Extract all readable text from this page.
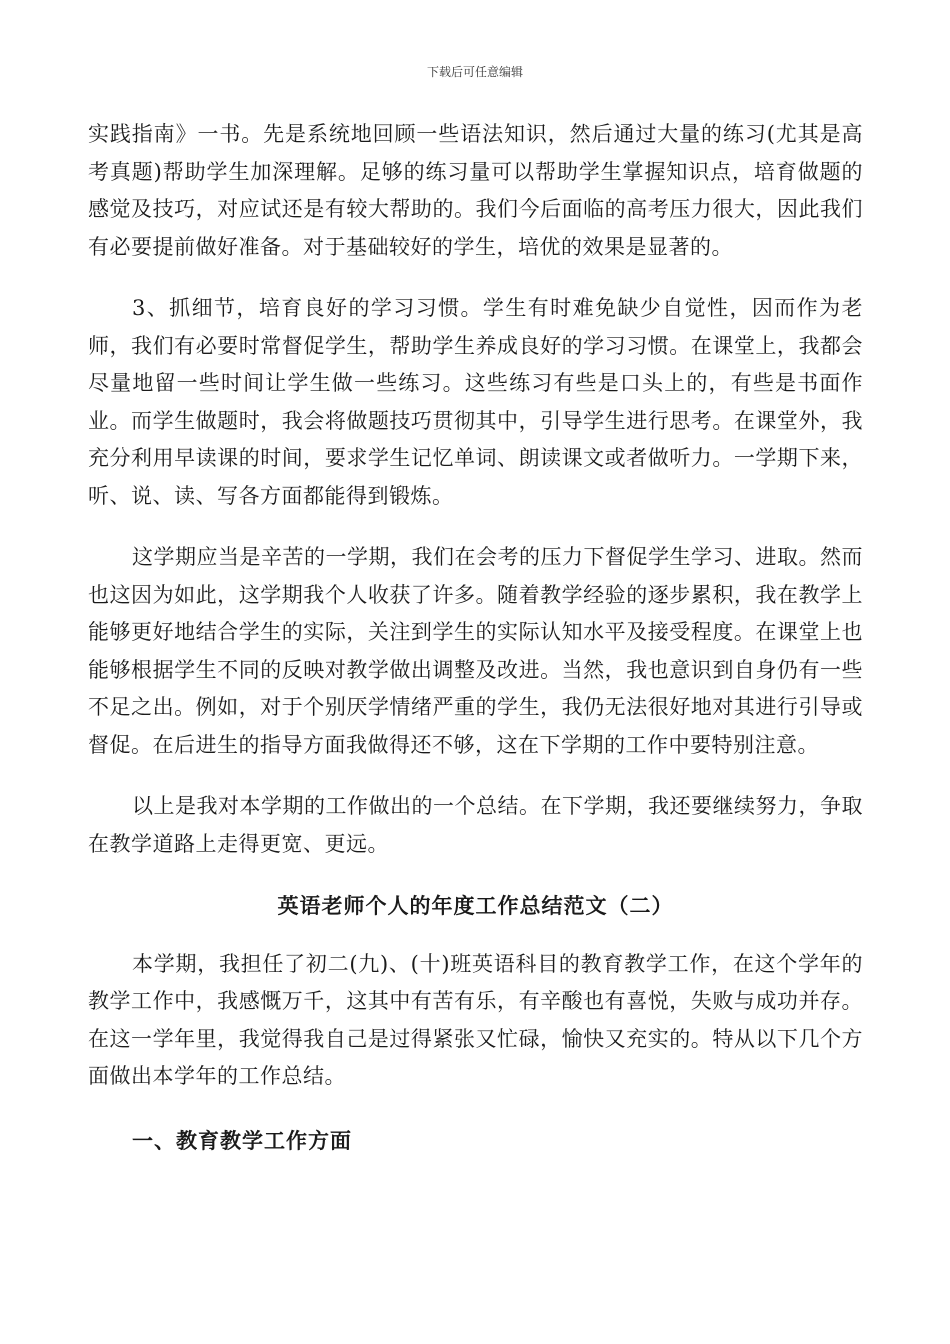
下载后可任意编辑

实践指南》一书。先是系统地回顾一些语法知识，然后通过大量的练习(尤其是高考真题)帮助学生加深理解。足够的练习量可以帮助学生掌握知识点，培育做题的感觉及技巧，对应试还是有较大帮助的。我们今后面临的高考压力很大，因此我们有必要提前做好准备。对于基础较好的学生，培优的效果是显著的。

3、抓细节，培育良好的学习习惯。学生有时难免缺少自觉性，因而作为老师，我们有必要时常督促学生，帮助学生养成良好的学习习惯。在课堂上，我都会尽量地留一些时间让学生做一些练习。这些练习有些是口头上的，有些是书面作业。而学生做题时，我会将做题技巧贯彻其中，引导学生进行思考。在课堂外，我充分利用早读课的时间，要求学生记忆单词、朗读课文或者做听力。一学期下来，听、说、读、写各方面都能得到锻炼。

这学期应当是辛苦的一学期，我们在会考的压力下督促学生学习、进取。然而也这因为如此，这学期我个人收获了许多。随着教学经验的逐步累积，我在教学上能够更好地结合学生的实际，关注到学生的实际认知水平及接受程度。在课堂上也能够根据学生不同的反映对教学做出调整及改进。当然，我也意识到自身仍有一些不足之出。例如，对于个别厌学情绪严重的学生，我仍无法很好地对其进行引导或督促。在后进生的指导方面我做得还不够，这在下学期的工作中要特别注意。

以上是我对本学期的工作做出的一个总结。在下学期，我还要继续努力，争取在教学道路上走得更宽、更远。

英语老师个人的年度工作总结范文（二）

本学期，我担任了初二(九)、(十)班英语科目的教育教学工作，在这个学年的教学工作中，我感慨万千，这其中有苦有乐，有辛酸也有喜悦，失败与成功并存。在这一学年里，我觉得我自己是过得紧张又忙碌，愉快又充实的。特从以下几个方面做出本学年的工作总结。

一、教育教学工作方面
